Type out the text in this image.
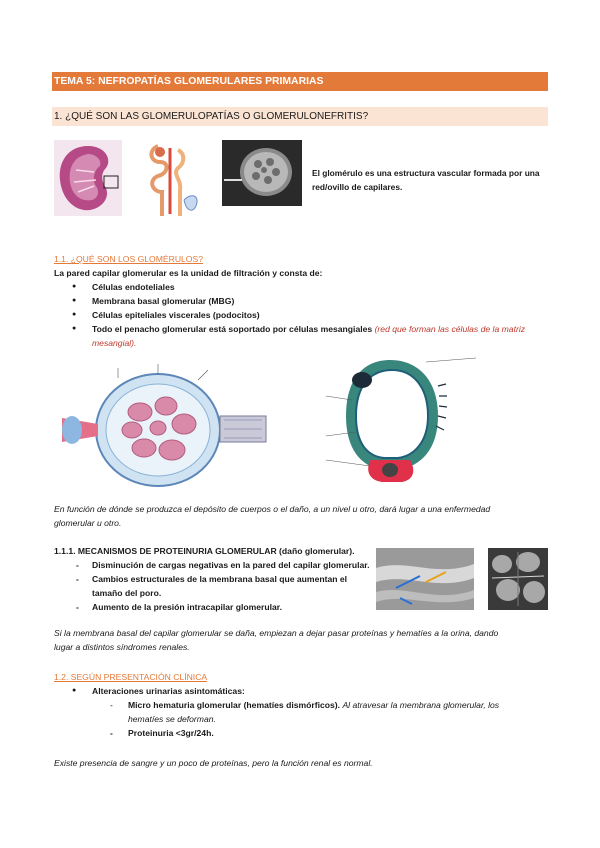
TEMA 5: NEFROPATÍAS GLOMERULARES PRIMARIAS
1. ¿QUÉ SON LAS GLOMERULOPATÍAS O GLOMERULONEFRITIS?
El glomérulo es una estructura vascular formada por una red/ovillo de capilares.
1.1. ¿QUÉ SON LOS GLOMÉRULOS?
La pared capilar glomerular es la unidad de filtración y consta de:
● Células endoteliales
● Membrana basal glomerular (MBG)
● Células epiteliales viscerales (podocitos)
● Todo el penacho glomerular está soportado por células mesangiales (red que forman las células de la matriz
mesangial).
En función de dónde se produzca el depósito de cuerpos o el daño, a un nivel u otro, dará lugar a una enfermedad
glomerular u otro.
1.1.1. MECANISMOS DE PROTEINURIA GLOMERULAR (daño glomerular).
- Disminución de cargas negativas en la pared del capilar glomerular.
- Cambios estructurales de la membrana basal que aumentan el
tamaño del poro.
- Aumento de la presión intracapilar glomerular.
Si la membrana basal del capilar glomerular se daña, empiezan a dejar pasar proteínas y hematíes a la orina, dando
lugar a distintos síndromes renales.
1.2. SEGÚN PRESENTACIÓN CLÍNICA
● Alteraciones urinarias asintomáticas:
-	Micro hematuria glomerular (hematíes dismórficos). Al atravesar la membrana glomerular, los
hematíes se deforman.
- Proteinuria <3gr/24h.
Existe presencia de sangre y un poco de proteínas, pero la función renal es normal.
